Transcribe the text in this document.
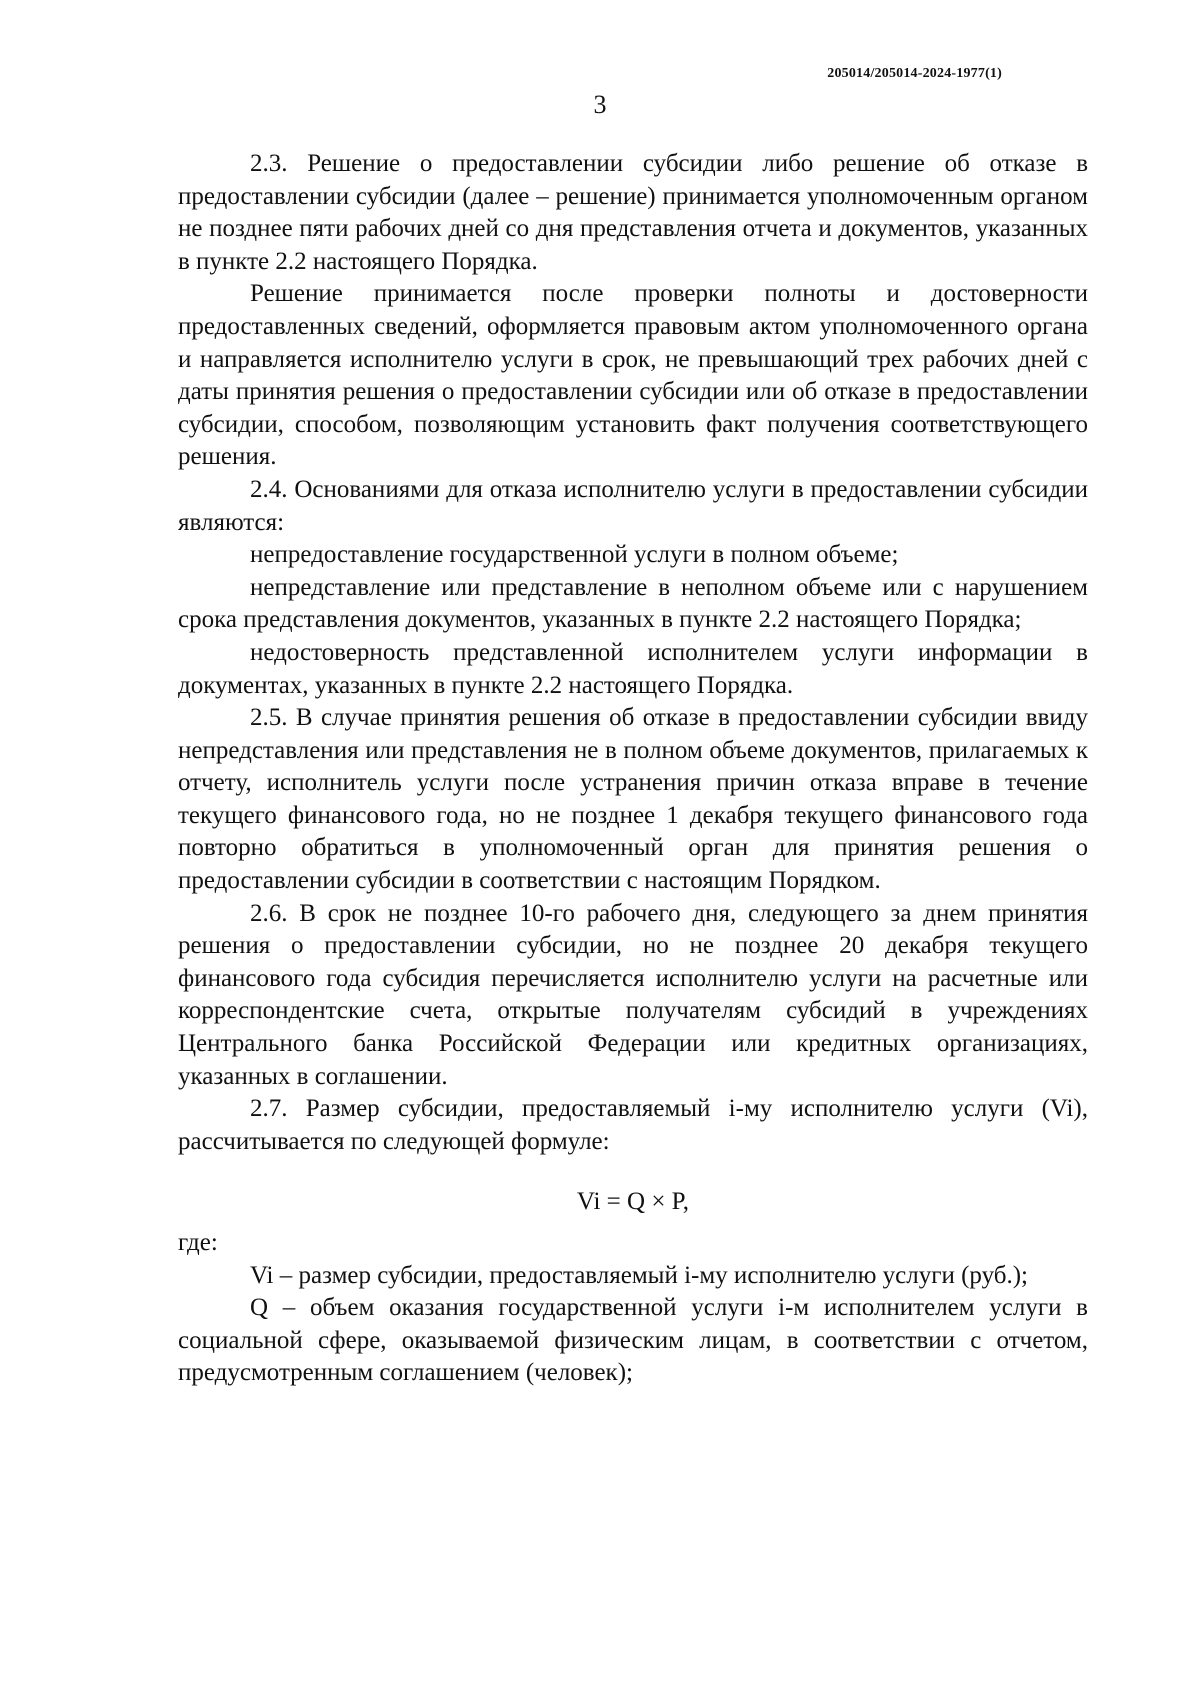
205014/205014-2024-1977(1)
3

2.3. Решение о предоставлении субсидии либо решение об отказе в предоставлении субсидии (далее – решение) принимается уполномоченным органом не позднее пяти рабочих дней со дня представления отчета и документов, указанных в пункте 2.2 настоящего Порядка.

Решение принимается после проверки полноты и достоверности предоставленных сведений, оформляется правовым актом уполномоченного органа и направляется исполнителю услуги в срок, не превышающий трех рабочих дней с даты принятия решения о предоставлении субсидии или об отказе в предоставлении субсидии, способом, позволяющим установить факт получения соответствующего решения.

2.4. Основаниями для отказа исполнителю услуги в предоставлении субсидии являются:

непредоставление государственной услуги в полном объеме;

непредставление или представление в неполном объеме или с нарушением срока представления документов, указанных в пункте 2.2 настоящего Порядка;

недостоверность представленной исполнителем услуги информации в документах, указанных в пункте 2.2 настоящего Порядка.

2.5. В случае принятия решения об отказе в предоставлении субсидии ввиду непредставления или представления не в полном объеме документов, прилагаемых к отчету, исполнитель услуги после устранения причин отказа вправе в течение текущего финансового года, но не позднее 1 декабря текущего финансового года повторно обратиться в уполномоченный орган для принятия решения о предоставлении субсидии в соответствии с настоящим Порядком.

2.6. В срок не позднее 10-го рабочего дня, следующего за днем принятия решения о предоставлении субсидии, но не позднее 20 декабря текущего финансового года субсидия перечисляется исполнителю услуги на расчетные или корреспондентские счета, открытые получателям субсидий в учреждениях Центрального банка Российской Федерации или кредитных организациях, указанных в соглашении.

2.7. Размер субсидии, предоставляемый i-му исполнителю услуги (Vi), рассчитывается по следующей формуле:

Vi = Q × P,

где:

Vi – размер субсидии, предоставляемый i-му исполнителю услуги (руб.);

Q – объем оказания государственной услуги i-м исполнителем услуги в социальной сфере, оказываемой физическим лицам, в соответствии с отчетом, предусмотренным соглашением (человек);
